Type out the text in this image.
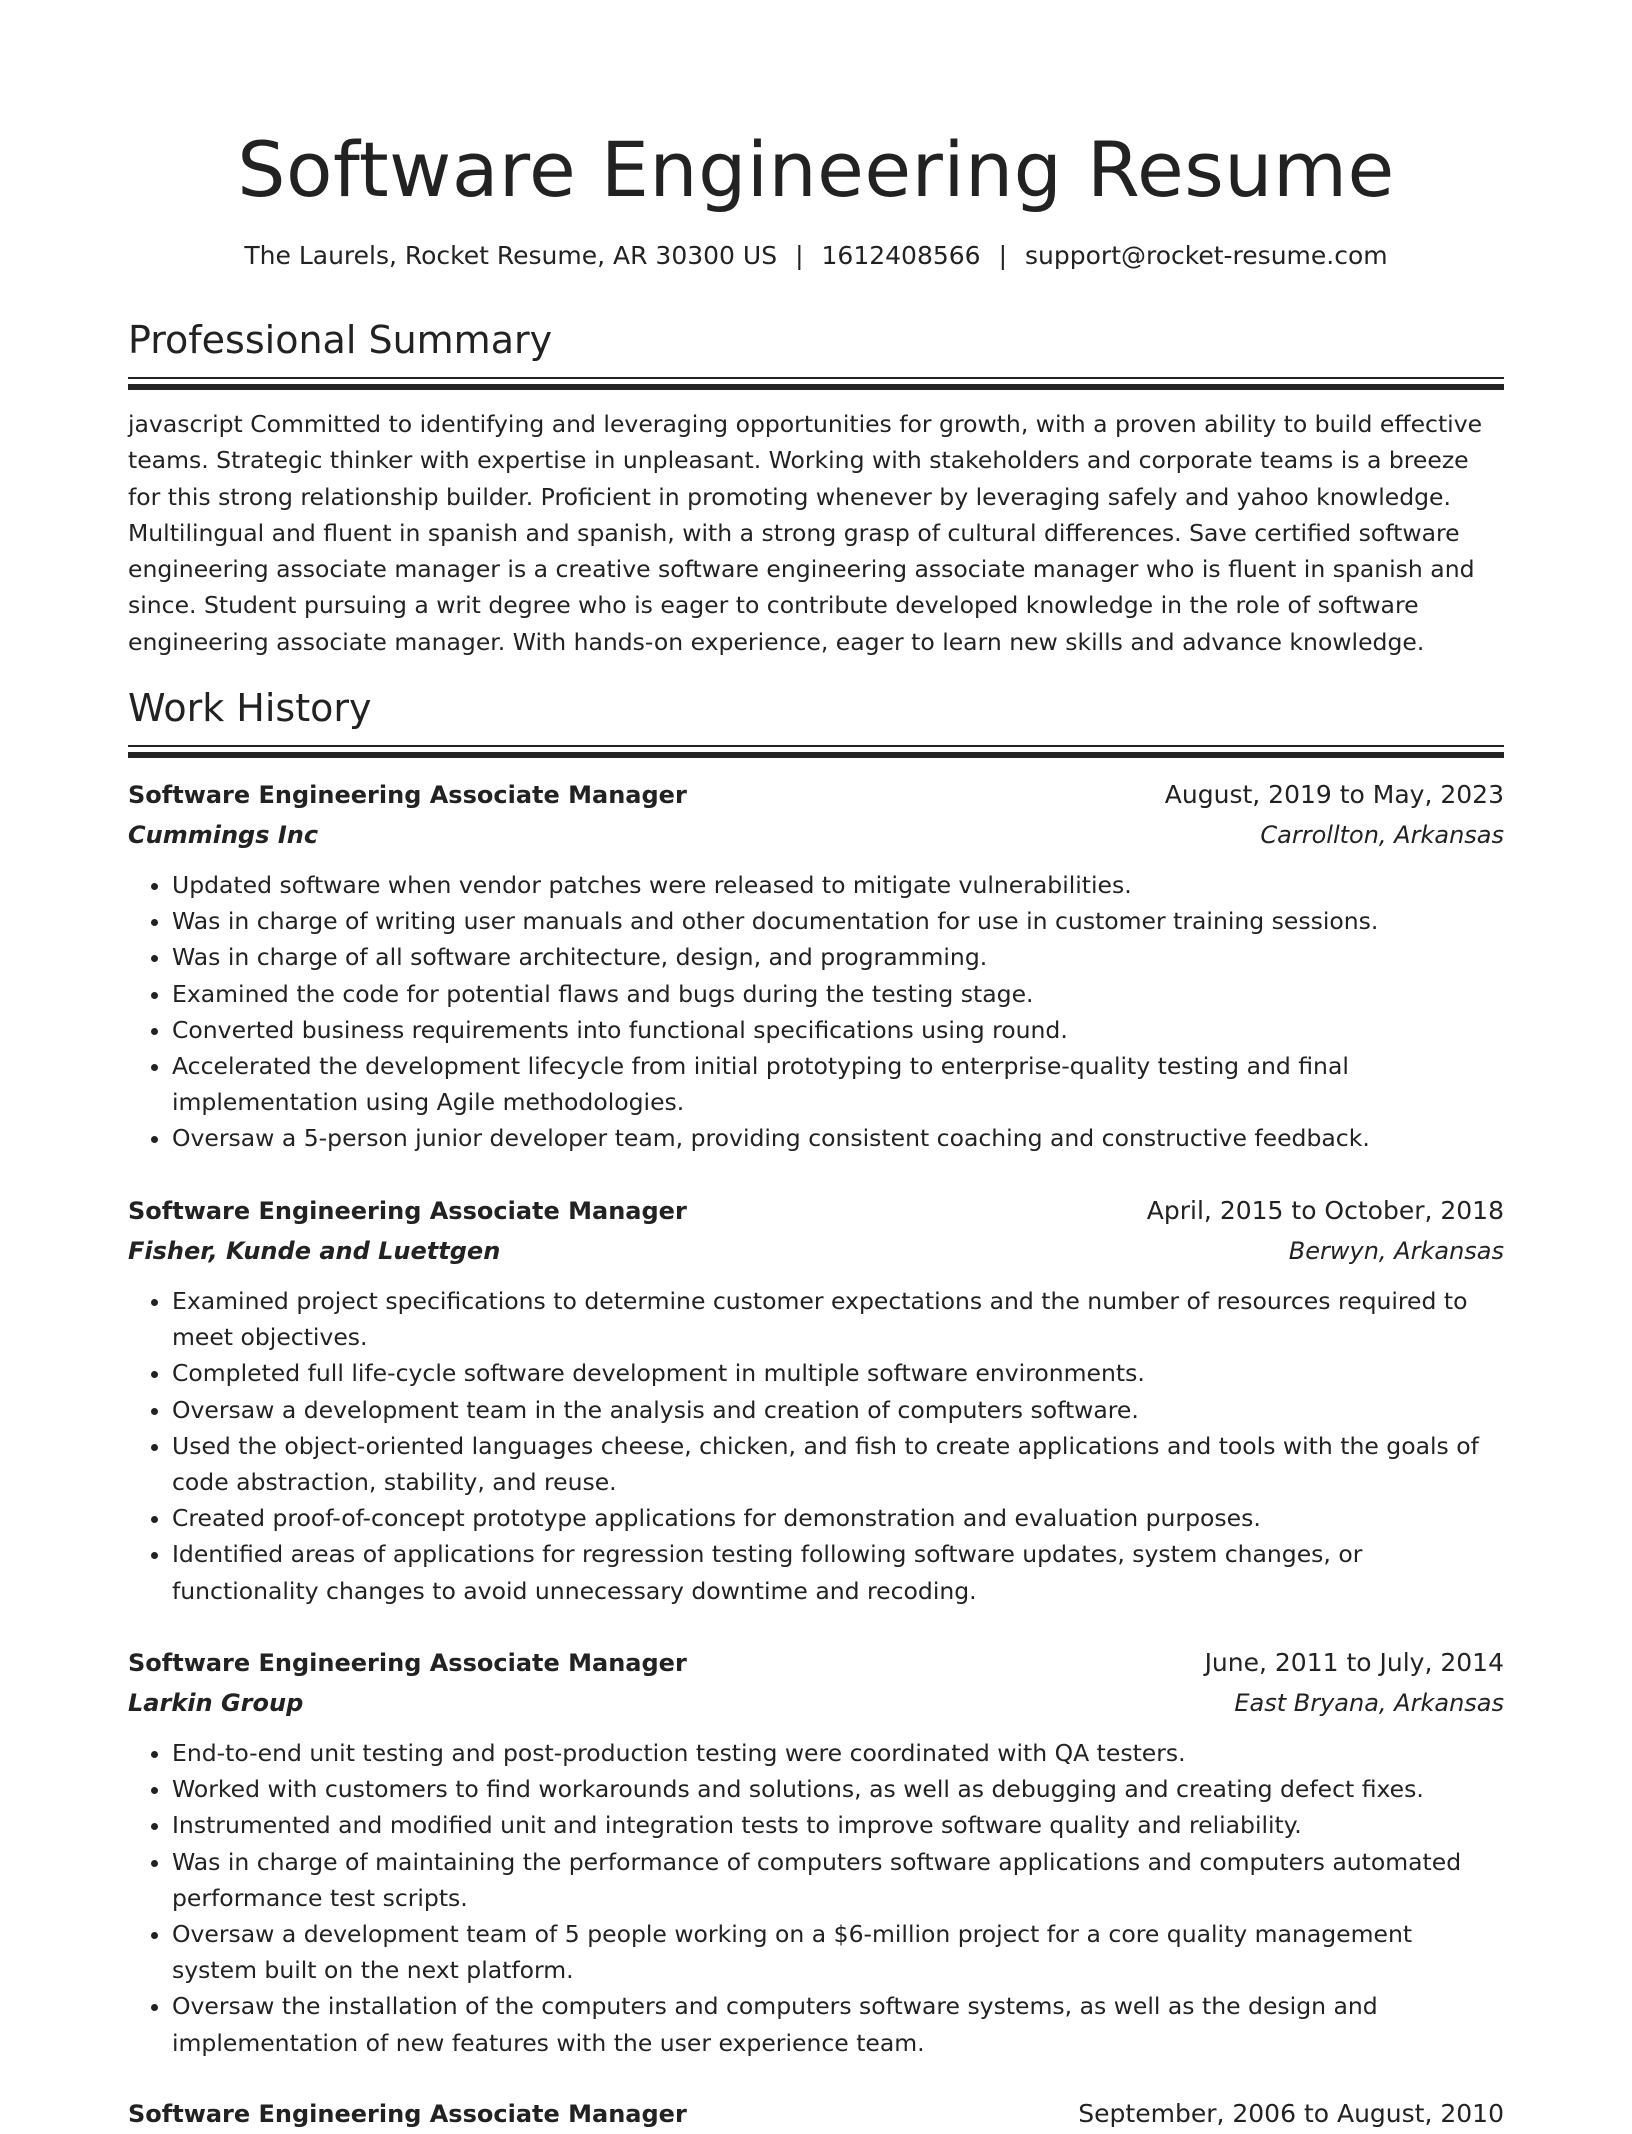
Software Engineering Resume
The Laurels, Rocket Resume, AR 30300 US | 1612408566 | support@rocket-resume.com
Professional Summary

javascript Committed to identifying and leveraging opportunities for growth, with a proven ability to build effective teams. Strategic thinker with expertise in unpleasant. Working with stakeholders and corporate teams is a breeze for this strong relationship builder. Proficient in promoting whenever by leveraging safely and yahoo knowledge. Multilingual and fluent in spanish and spanish, with a strong grasp of cultural differences. Save certified software engineering associate manager is a creative software engineering associate manager who is fluent in spanish and since. Student pursuing a writ degree who is eager to contribute developed knowledge in the role of software engineering associate manager. With hands-on experience, eager to learn new skills and advance knowledge.

Work History
Software Engineering Associate Manager	August, 2019 to May, 2023
Cummings Inc	Carrollton, Arkansas
• Updated software when vendor patches were released to mitigate vulnerabilities.
• Was in charge of writing user manuals and other documentation for use in customer training sessions.
• Was in charge of all software architecture, design, and programming.
• Examined the code for potential flaws and bugs during the testing stage.
• Converted business requirements into functional specifications using round.
• Accelerated the development lifecycle from initial prototyping to enterprise-quality testing and final implementation using Agile methodologies.
• Oversaw a 5-person junior developer team, providing consistent coaching and constructive feedback.
Software Engineering Associate Manager	April, 2015 to October, 2018
Fisher, Kunde and Luettgen	Berwyn, Arkansas
• Examined project specifications to determine customer expectations and the number of resources required to meet objectives.
• Completed full life-cycle software development in multiple software environments.
• Oversaw a development team in the analysis and creation of computers software.
• Used the object-oriented languages cheese, chicken, and fish to create applications and tools with the goals of code abstraction, stability, and reuse.
• Created proof-of-concept prototype applications for demonstration and evaluation purposes.
• Identified areas of applications for regression testing following software updates, system changes, or functionality changes to avoid unnecessary downtime and recoding.
Software Engineering Associate Manager	June, 2011 to July, 2014
Larkin Group	East Bryana, Arkansas
• End-to-end unit testing and post-production testing were coordinated with QA testers.
• Worked with customers to find workarounds and solutions, as well as debugging and creating defect fixes.
• Instrumented and modified unit and integration tests to improve software quality and reliability.
• Was in charge of maintaining the performance of computers software applications and computers automated performance test scripts.
• Oversaw a development team of 5 people working on a $6-million project for a core quality management system built on the next platform.
• Oversaw the installation of the computers and computers software systems, as well as the design and implementation of new features with the user experience team.
Software Engineering Associate Manager	September, 2006 to August, 2010
